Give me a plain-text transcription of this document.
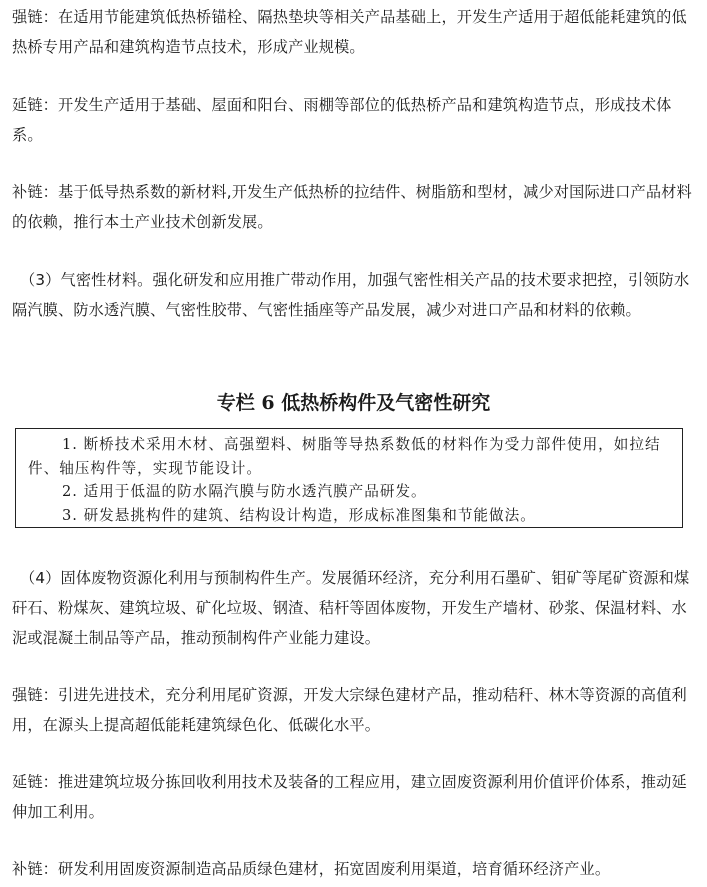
强链：在适用节能建筑低热桥锚栓、隔热垫块等相关产品基础上，开发生产适用于超低能耗建筑的低热桥专用产品和建筑构造节点技术，形成产业规模。

延链：开发生产适用于基础、屋面和阳台、雨棚等部位的低热桥产品和建筑构造节点，形成技术体系。

补链：基于低导热系数的新材料,开发生产低热桥的拉结件、树脂筋和型材，减少对国际进口产品材料的依赖，推行本土产业技术创新发展。

（3）气密性材料。强化研发和应用推广带动作用，加强气密性相关产品的技术要求把控，引领防水隔汽膜、防水透汽膜、气密性胶带、气密性插座等产品发展，减少对进口产品和材料的依赖。

专栏 6 低热桥构件及气密性研究

1. 断桥技术采用木材、高强塑料、树脂等导热系数低的材料作为受力部件使用，如拉结件、轴压构件等，实现节能设计。

2. 适用于低温的防水隔汽膜与防水透汽膜产品研发。

3. 研发悬挑构件的建筑、结构设计构造，形成标准图集和节能做法。

（4）固体废物资源化利用与预制构件生产。发展循环经济，充分利用石墨矿、钼矿等尾矿资源和煤矸石、粉煤灰、建筑垃圾、矿化垃圾、钢渣、秸杆等固体废物，开发生产墙材、砂浆、保温材料、水泥或混凝土制品等产品，推动预制构件产业能力建设。

强链：引进先进技术，充分利用尾矿资源，开发大宗绿色建材产品，推动秸秆、林木等资源的高值利用，在源头上提高超低能耗建筑绿色化、低碳化水平。

延链：推进建筑垃圾分拣回收利用技术及装备的工程应用，建立固废资源利用价值评价体系，推动延伸加工利用。

补链：研发利用固废资源制造高品质绿色建材，拓宽固废利用渠道，培育循环经济产业。
